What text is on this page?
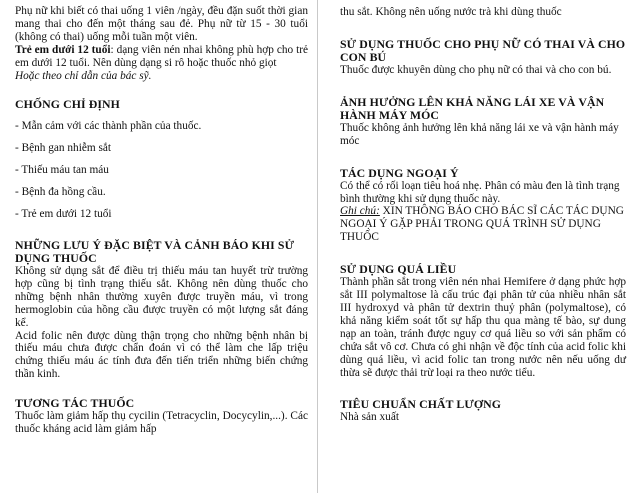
Phụ nữ khi biết có thai uống 1 viên /ngày, đều đặn suốt thời gian mang thai cho đến một tháng sau đẻ. Phụ nữ từ 15 - 30 tuổi (không có thai) uống mỗi tuần một viên.

Trẻ em dưới 12 tuổi: dạng viên nén nhai không phù hợp cho trẻ em dưới 12 tuổi. Nên dùng dạng si rô hoặc thuốc nhỏ giọt

Hoặc theo chỉ dẫn của bác sỹ.

CHỐNG CHỈ ĐỊNH

- Mẫn cảm với các thành phần của thuốc.

- Bệnh gan nhiễm sắt

- Thiếu máu tan máu

- Bệnh đa hồng cầu.

- Trẻ em dưới 12 tuổi

NHỮNG LƯU Ý ĐẶC BIỆT VÀ CẢNH BÁO KHI SỬ DỤNG THUỐC

Không sử dụng sắt để điều trị thiếu máu tan huyết trừ trường hợp cũng bị tình trạng thiếu sắt. Không nên dùng thuốc cho những bệnh nhân thường xuyên được truyền máu, vì trong hermoglobin của hồng cầu được truyền có một lượng sắt đáng kể.

Acid folic nên được dùng thận trọng cho những bệnh nhân bị thiếu máu chưa được chẩn đoán vì có thể làm che lấp triệu chứng thiếu máu ác tính đưa đến tiến triển những biến chứng thần kinh.

TƯƠNG TÁC THUỐC

Thuốc làm giảm hấp thụ cycilin (Tetracyclin, Docycylin,...). Các thuốc kháng acid làm giảm hấp

thu sắt. Không nên uống nước trà khi dùng thuốc

SỬ DỤNG THUỐC CHO PHỤ NỮ CÓ THAI VÀ CHO CON BÚ

Thuốc được khuyên dùng cho phụ nữ có thai và cho con bú.

ẢNH HƯỞNG LÊN KHẢ NĂNG LÁI XE VÀ VẬN HÀNH MÁY MÓC

Thuốc không ảnh hưởng lên khả năng lái xe và vận hành máy móc

TÁC DỤNG NGOẠI Ý

Có thể có rối loạn tiêu hoá nhẹ. Phân có màu đen là tình trạng bình thường khi sử dụng thuốc này.

Ghi chú: XIN THÔNG BÁO CHO BÁC SĨ CÁC TÁC DỤNG NGOẠI Ý GẶP PHẢI TRONG QUÁ TRÌNH SỬ DỤNG THUỐC

SỬ DỤNG QUÁ LIỀU

Thành phần sắt trong viên nén nhai Hemifere ở dạng phức hợp sắt III polymaltose là cấu trúc đại phân tử của nhiều nhân sắt III hydroxyd và phân tử dextrin thuỷ phân (polymaltose), có khả năng kiểm soát tốt sự hấp thu qua màng tế bào, sự dung nạp an toàn, tránh được nguy cơ quá liều so với sản phẩm có chứa sắt vô cơ. Chưa có ghi nhận về độc tính của acid folic khi dùng quá liều, vì acid folic tan trong nước nên nếu uống dư thừa sẽ được thải trừ loại ra theo nước tiểu.

TIÊU CHUẨN CHẤT LƯỢNG

Nhà sản xuất
